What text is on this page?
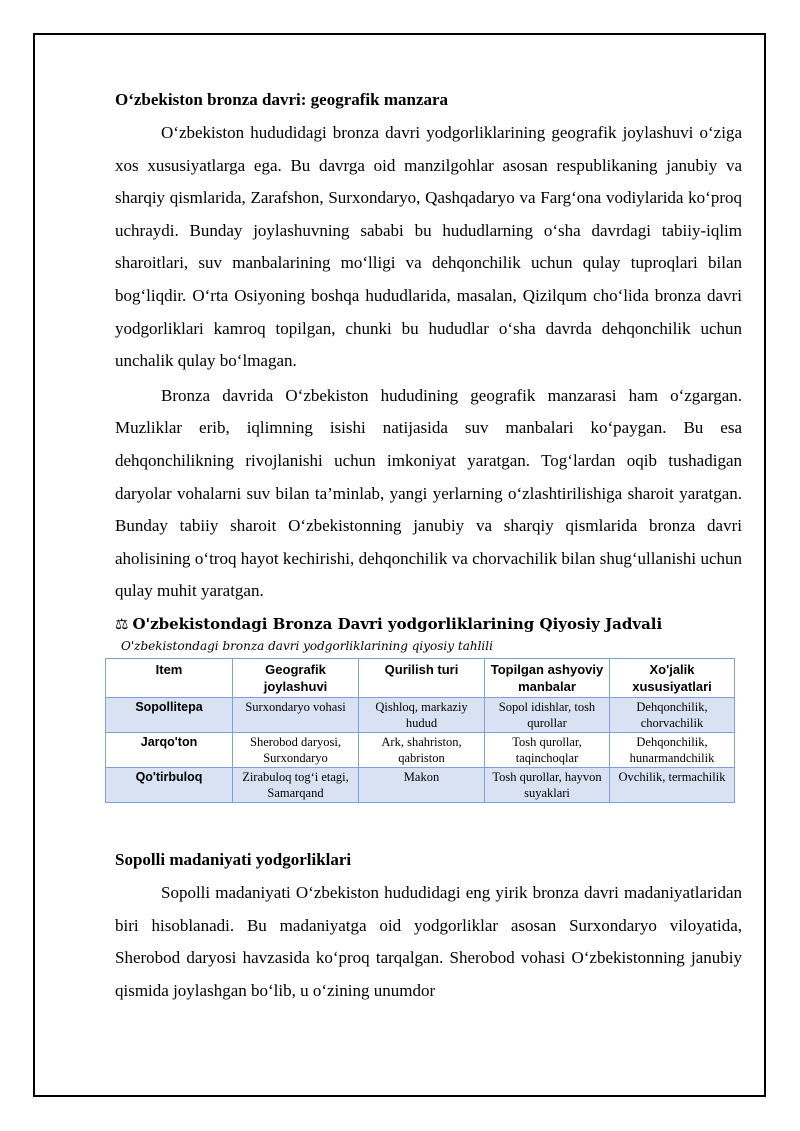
O‘zbekiston bronza davri: geografik manzara

O‘zbekiston hududidagi bronza davri yodgorliklarining geografik joylashuvi o‘ziga xos xususiyatlarga ega. Bu davrga oid manzilgohlar asosan respublikaning janubiy va sharqiy qismlarida, Zarafshon, Surxondaryo, Qashqadaryo va Farg‘ona vodiylarida ko‘proq uchraydi. Bunday joylashuvning sababi bu hududlarning o‘sha davrdagi tabiiy-iqlim sharoitlari, suv manbalarining mo‘lligi va dehqonchilik uchun qulay tuproqlari bilan bog‘liqdir. O‘rta Osiyoning boshqa hududlarida, masalan, Qizilqum cho‘lida bronza davri yodgorliklari kamroq topilgan, chunki bu hududlar o‘sha davrda dehqonchilik uchun unchalik qulay bo‘lmagan.

Bronza davrida O‘zbekiston hududining geografik manzarasi ham o‘zgargan. Muzliklar erib, iqlimning isishi natijasida suv manbalari ko‘paygan. Bu esa dehqonchilikning rivojlanishi uchun imkoniyat yaratgan. Tog‘lardan oqib tushadigan daryolar vohalarni suv bilan ta’minlab, yangi yerlarning o‘zlashtirilishiga sharoit yaratgan. Bunday tabiiy sharoit O‘zbekistonning janubiy va sharqiy qismlarida bronza davri aholisining o‘troq hayot kechirishi, dehqonchilik va chorvachilik bilan shug‘ullanishi uchun qulay muhit yaratgan.

⚖ O'zbekistondagi Bronza Davri yodgorliklarining Qiyosiy Jadvali
O'zbekistondagi bronza davri yodgorliklarining qiyosiy tahlili
Item	Geografik joylashuvi	Qurilish turi	Topilgan ashyoviy manbalar	Xo'jalik xususiyatlari
Sopollitepa	Surxondaryo vohasi	Qishloq, markaziy hudud	Sopol idishlar, tosh qurollar	Dehqonchilik, chorvachilik
Jarqo'ton	Sherobod daryosi, Surxondaryo	Ark, shahriston, qabriston	Tosh qurollar, taqinchoqlar	Dehqonchilik, hunarmandchilik
Qo'tirbuloq	Zirabuloq tog‘i etagi, Samarqand	Makon	Tosh qurollar, hayvon suyaklari	Ovchilik, termachilik
Sopolli madaniyati yodgorliklari

Sopolli madaniyati O‘zbekiston hududidagi eng yirik bronza davri madaniyatlaridan biri hisoblanadi. Bu madaniyatga oid yodgorliklar asosan Surxondaryo viloyatida, Sherobod daryosi havzasida ko‘proq tarqalgan. Sherobod vohasi O‘zbekistonning janubiy qismida joylashgan bo‘lib, u o‘zining unumdor
